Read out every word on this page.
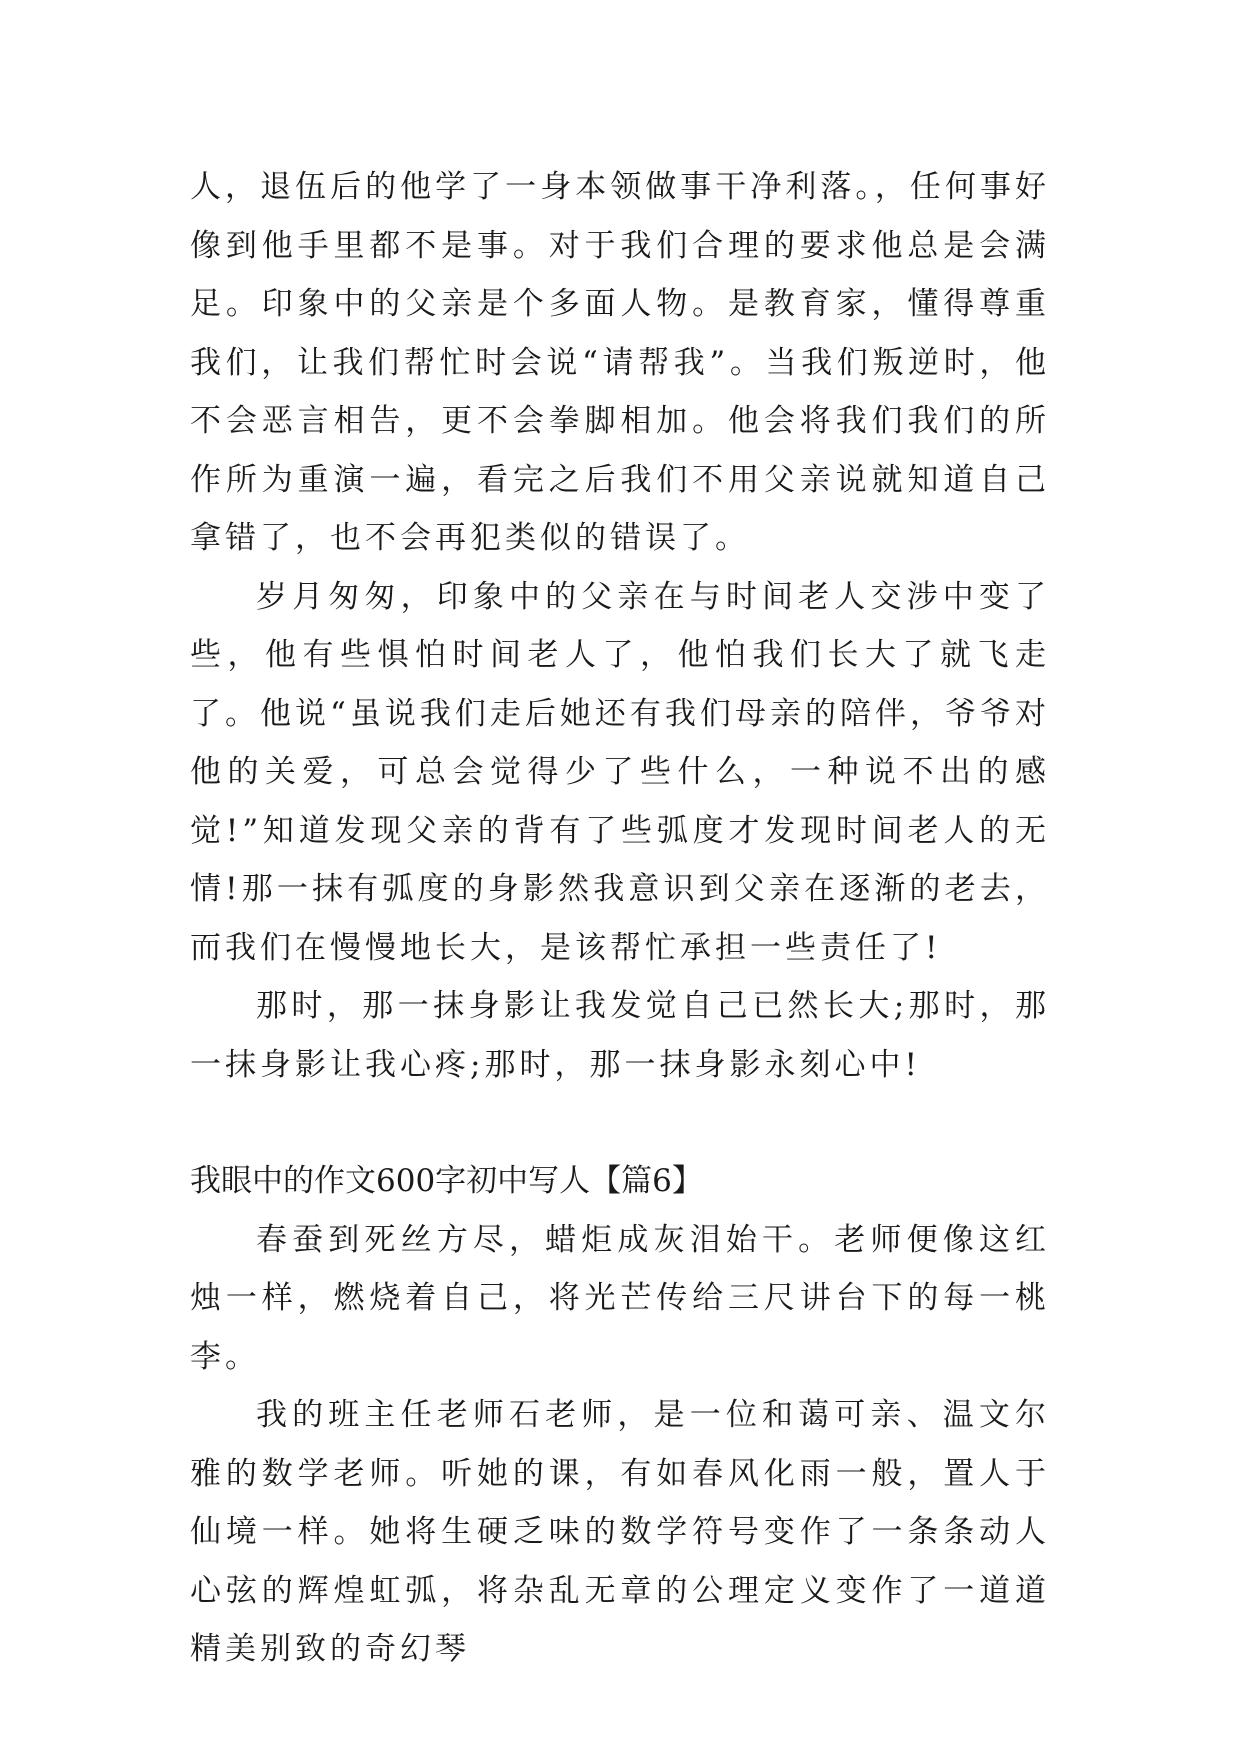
人，退伍后的他学了一身本领做事干净利落。，任何事好像到他手里都不是事。对于我们合理的要求他总是会满足。印象中的父亲是个多面人物。是教育家，懂得尊重我们，让我们帮忙时会说“请帮我”。当我们叛逆时，他不会恶言相告，更不会拳脚相加。他会将我们我们的所作所为重演一遍，看完之后我们不用父亲说就知道自己拿错了，也不会再犯类似的错误了。

岁月匆匆，印象中的父亲在与时间老人交涉中变了些，他有些惧怕时间老人了，他怕我们长大了就飞走了。他说“虽说我们走后她还有我们母亲的陪伴，爷爷对他的关爱，可总会觉得少了些什么，一种说不出的感觉!”知道发现父亲的背有了些弧度才发现时间老人的无情!那一抹有弧度的身影然我意识到父亲在逐渐的老去，而我们在慢慢地长大，是该帮忙承担一些责任了!

那时，那一抹身影让我发觉自己已然长大;那时，那一抹身影让我心疼;那时，那一抹身影永刻心中!

我眼中的作文600字初中写人【篇6】

春蚕到死丝方尽，蜡炬成灰泪始干。老师便像这红烛一样，燃烧着自己，将光芒传给三尺讲台下的每一桃李。

我的班主任老师石老师，是一位和蔼可亲、温文尔雅的数学老师。听她的课，有如春风化雨一般，置人于仙境一样。她将生硬乏味的数学符号变作了一条条动人心弦的辉煌虹弧，将杂乱无章的公理定义变作了一道道精美别致的奇幻琴
